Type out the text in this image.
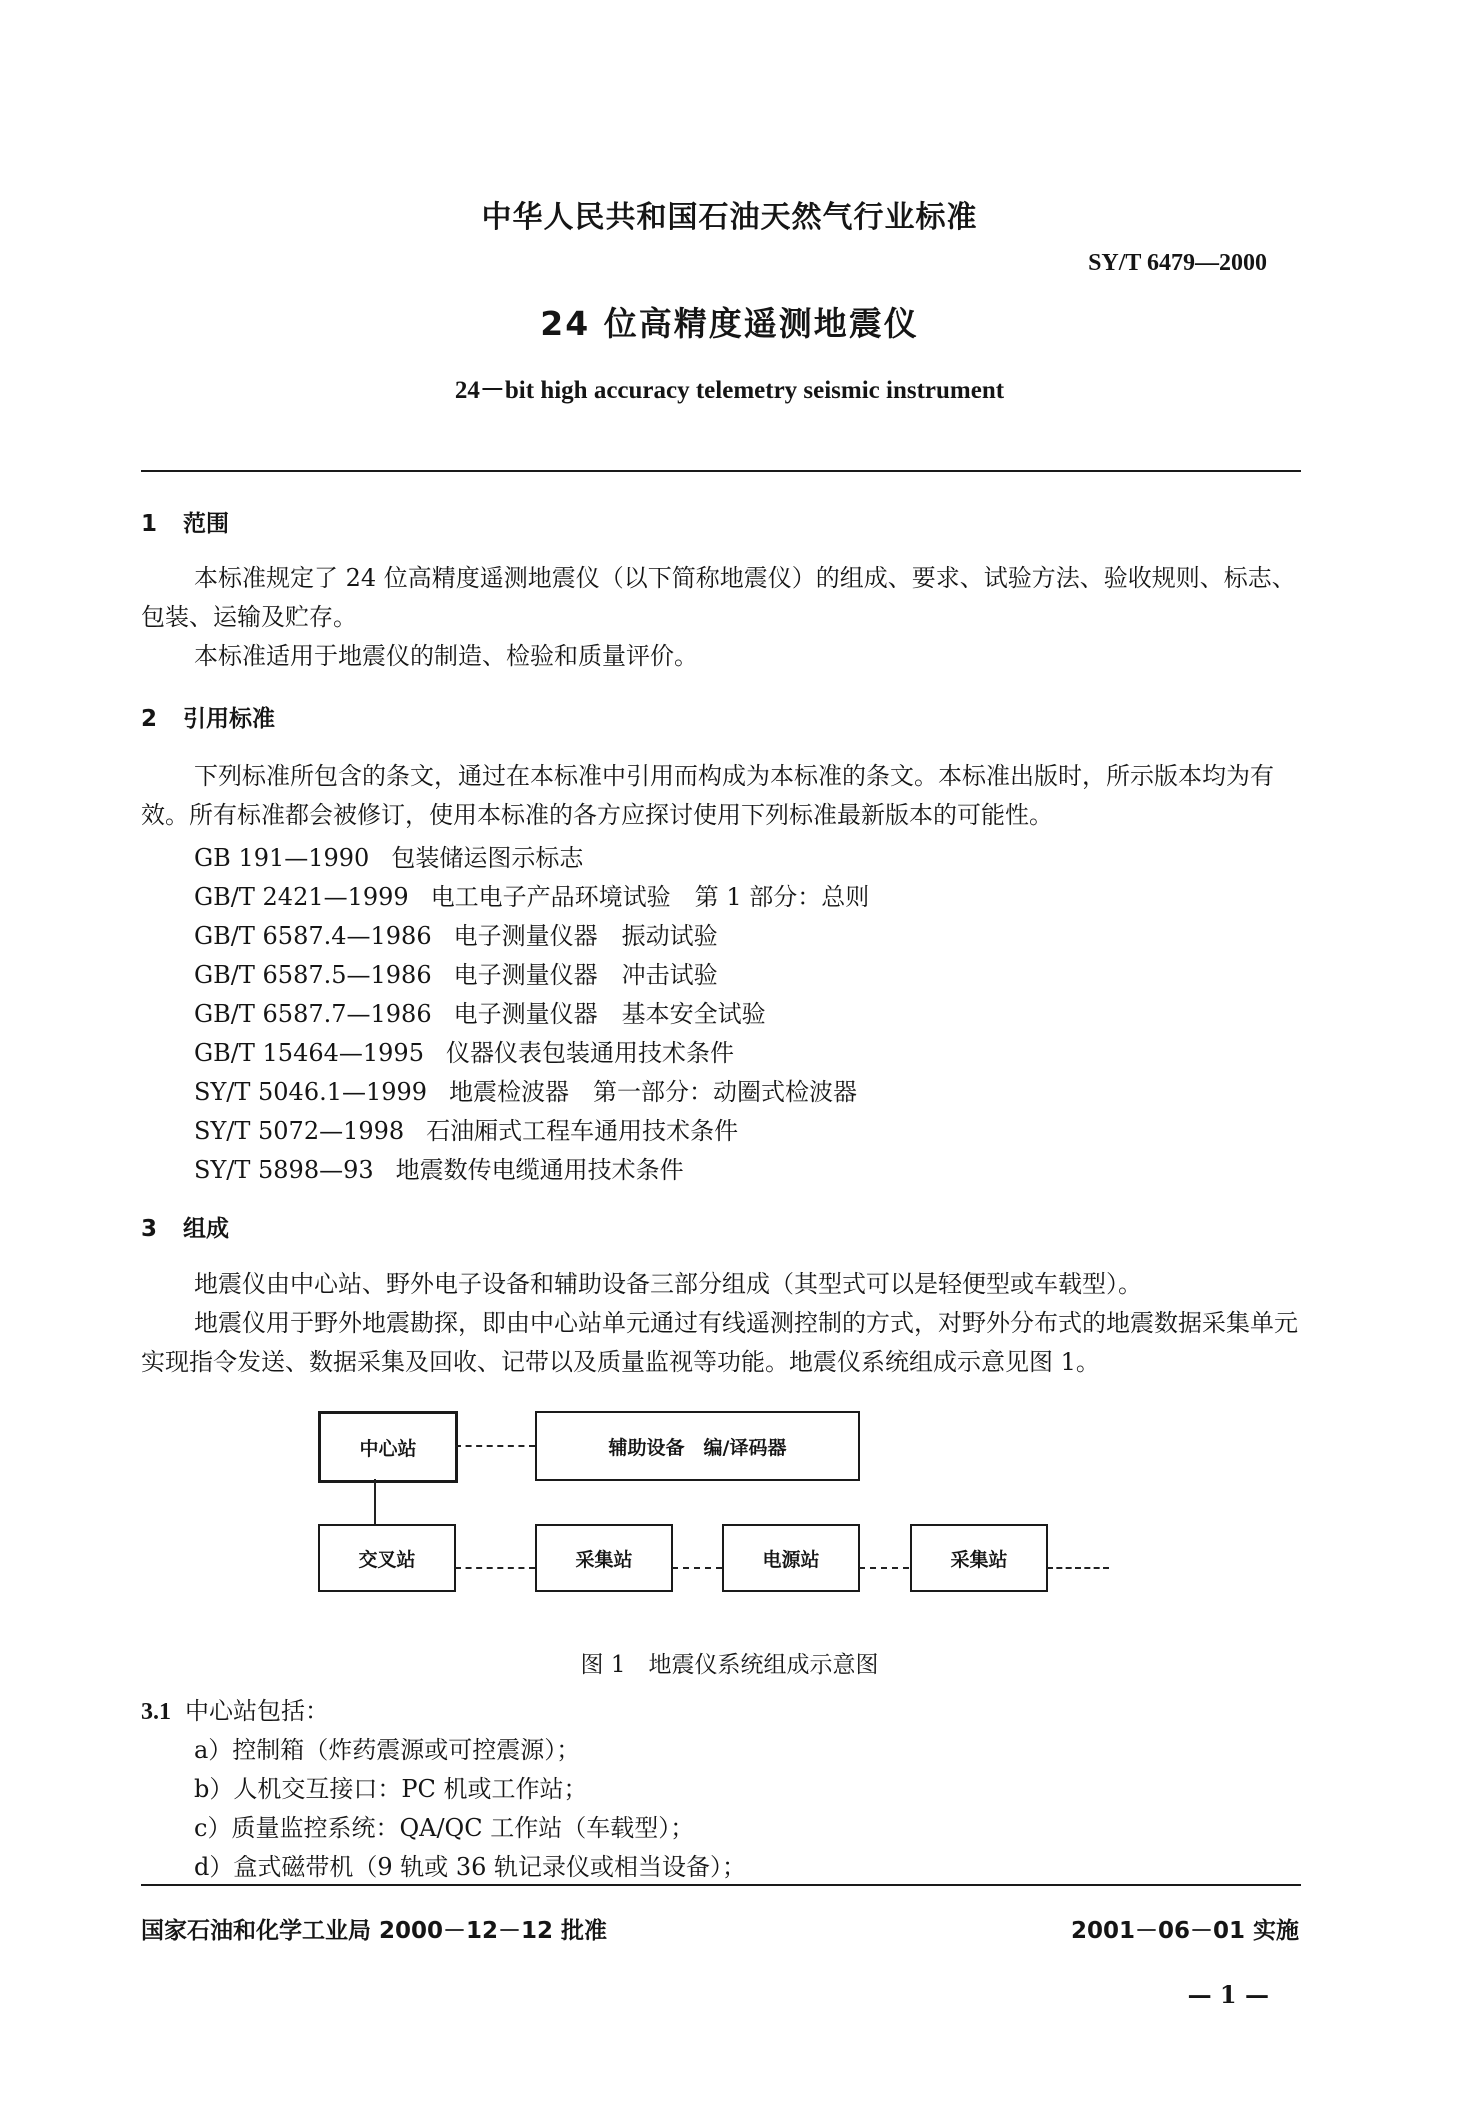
中华人民共和国石油天然气行业标准
SY/T 6479—2000
24 位高精度遥测地震仪
24－bit high accuracy telemetry seismic instrument
1 范围

本标准规定了 24 位高精度遥测地震仪（以下简称地震仪）的组成、要求、试验方法、验收规则、标志、包装、运输及贮存。

本标准适用于地震仪的制造、检验和质量评价。

2 引用标准

下列标准所包含的条文，通过在本标准中引用而构成为本标准的条文。本标准出版时，所示版本均为有效。所有标准都会被修订，使用本标准的各方应探讨使用下列标准最新版本的可能性。

GB 191—1990 包装储运图示标志
GB/T 2421—1999 电工电子产品环境试验　第 1 部分：总则
GB/T 6587.4—1986 电子测量仪器　振动试验
GB/T 6587.5—1986 电子测量仪器　冲击试验
GB/T 6587.7—1986 电子测量仪器　基本安全试验
GB/T 15464—1995 仪器仪表包装通用技术条件
SY/T 5046.1—1999 地震检波器　第一部分：动圈式检波器
SY/T 5072—1998 石油厢式工程车通用技术条件
SY/T 5898—93 地震数传电缆通用技术条件
3 组成

地震仪由中心站、野外电子设备和辅助设备三部分组成（其型式可以是轻便型或车载型）。

地震仪用于野外地震勘探，即由中心站单元通过有线遥测控制的方式，对野外分布式的地震数据采集单元实现指令发送、数据采集及回收、记带以及质量监视等功能。地震仪系统组成示意见图 1。

中心站	辅助设备　编/译码器
交叉站	采集站	电源站	采集站
图 1　地震仪系统组成示意图
3.1 中心站包括：
a）控制箱（炸药震源或可控震源）；
b）人机交互接口：PC 机或工作站；
c）质量监控系统：QA/QC 工作站（车载型）；
d）盒式磁带机（9 轨或 36 轨记录仪或相当设备）；
国家石油和化学工业局 2000－12－12 批准	2001－06－01 实施
— 1 —
